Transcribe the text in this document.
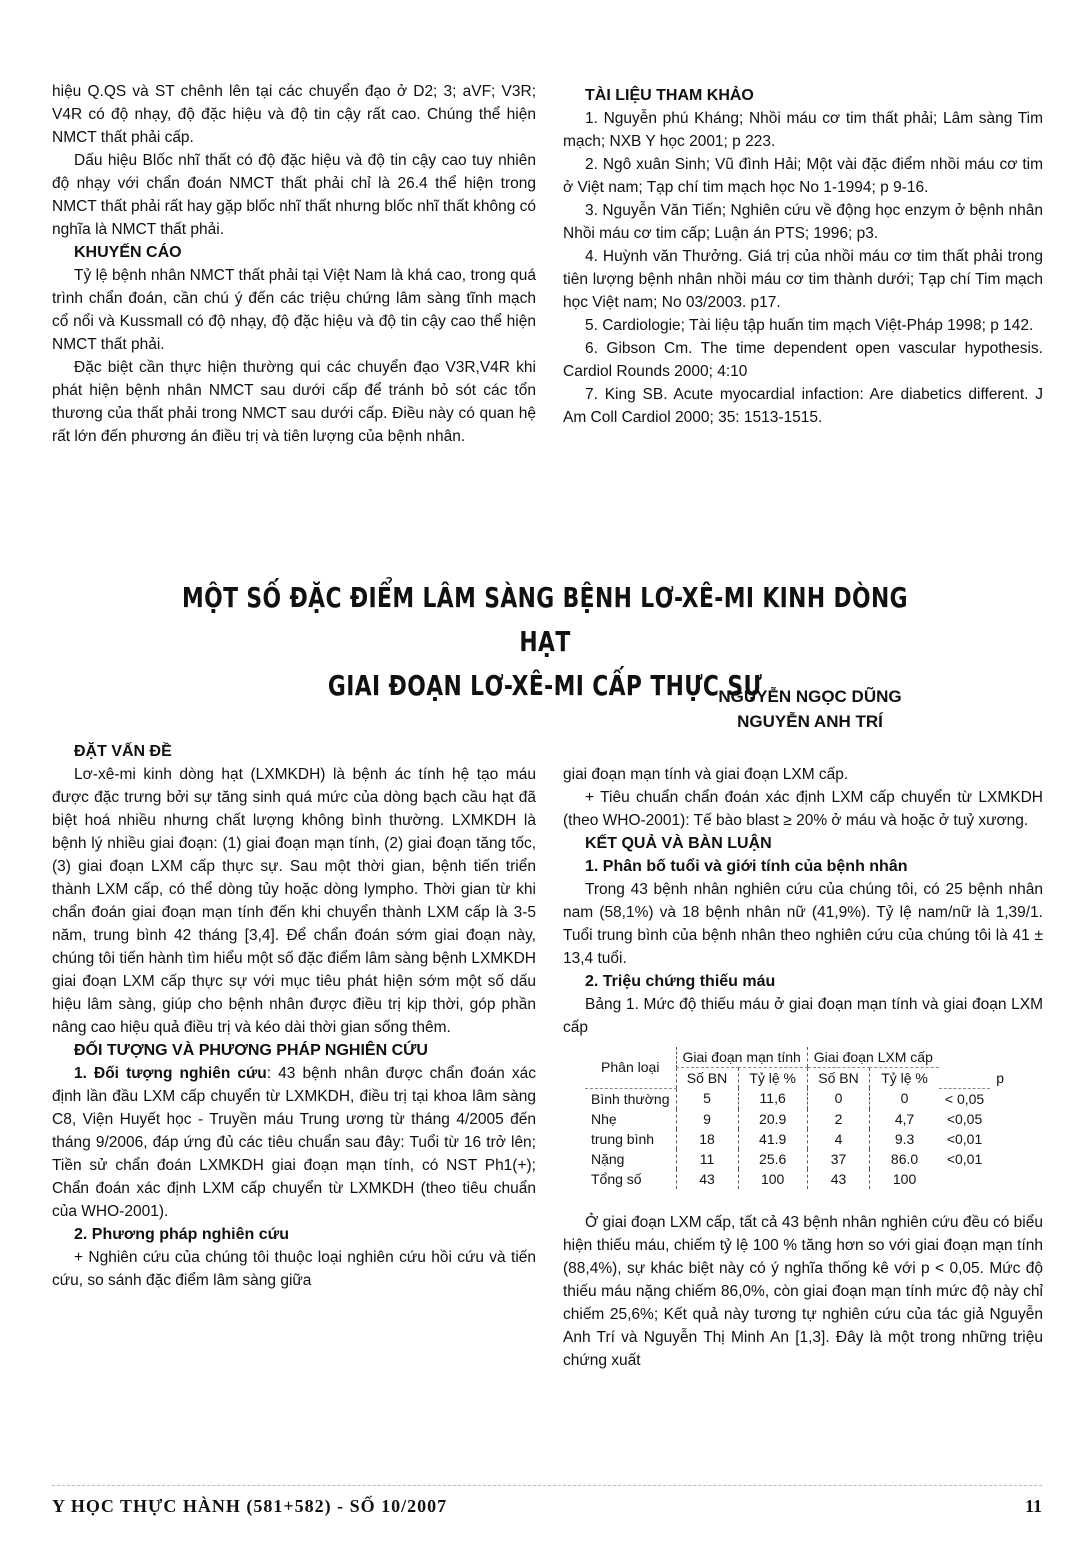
hiệu Q.QS và ST chênh lên tại các chuyển đạo ở D2; 3; aVF; V3R; V4R có độ nhạy, độ đặc hiệu và độ tin cậy rất cao. Chúng thể hiện NMCT thất phải cấp.

Dấu hiệu Blốc nhĩ thất có độ đặc hiệu và độ tin cậy cao tuy nhiên độ nhạy với chẩn đoán NMCT thất phải chỉ là 26.4 thể hiện trong NMCT thất phải rất hay gặp blốc nhĩ thất nhưng blốc nhĩ thất không có nghĩa là NMCT thất phải.

KHUYẾN CÁO

Tỷ lệ bệnh nhân NMCT thất phải tại Việt Nam là khá cao, trong quá trình chẩn đoán, cần chú ý đến các triệu chứng lâm sàng tĩnh mạch cổ nổi và Kussmall có độ nhạy, độ đặc hiệu và độ tin cậy cao thể hiện NMCT thất phải.

Đặc biệt cần thực hiện thường qui các chuyển đạo V3R,V4R khi phát hiện bệnh nhân NMCT sau dưới cấp để tránh bỏ sót các tổn thương của thất phải trong NMCT sau dưới cấp. Điều này có quan hệ rất lớn đến phương án điều trị và tiên lượng của bệnh nhân.

TÀI LIỆU THAM KHẢO

1. Nguyễn phú Kháng; Nhồi máu cơ tim thất phải; Lâm sàng Tim mạch; NXB Y học 2001; p 223.

2. Ngô xuân Sinh; Vũ đình Hải; Một vài đặc điểm nhồi máu cơ tim ở Việt nam; Tạp chí tim mạch học No 1-1994; p 9-16.

3. Nguyễn Văn Tiến; Nghiên cứu về động học enzym ở bệnh nhân Nhồi máu cơ tim cấp; Luận án PTS; 1996; p3.

4. Huỳnh văn Thưởng. Giá trị của nhồi máu cơ tim thất phải trong tiên lượng bệnh nhân nhồi máu cơ tim thành dưới; Tạp chí Tim mạch học Việt nam; No 03/2003. p17.

5. Cardiologie; Tài liệu tập huấn tim mạch Việt-Pháp 1998; p 142.

6. Gibson Cm. The time dependent open vascular hypothesis. Cardiol Rounds 2000; 4:10

7. King SB. Acute myocardial infaction: Are diabetics different. J Am Coll Cardiol 2000; 35: 1513-1515.

MỘT SỐ ĐẶC ĐIỂM LÂM SÀNG BỆNH LƠ-XÊ-MI KINH DÒNG HẠT
GIAI ĐOẠN LƠ-XÊ-MI CẤP THỰC SỰ
NGUYỄN NGỌC DŨNG
NGUYỄN ANH TRÍ
ĐẶT VẤN ĐỀ

Lơ-xê-mi kinh dòng hạt (LXMKDH) là bệnh ác tính hệ tạo máu được đặc trưng bởi sự tăng sinh quá mức của dòng bạch cầu hạt đã biệt hoá nhiều nhưng chất lượng không bình thường. LXMKDH là bệnh lý nhiều giai đoạn: (1) giai đoạn mạn tính, (2) giai đoạn tăng tốc, (3) giai đoạn LXM cấp thực sự. Sau một thời gian, bệnh tiến triển thành LXM cấp, có thể dòng tủy hoặc dòng lympho. Thời gian từ khi chẩn đoán giai đoạn mạn tính đến khi chuyển thành LXM cấp là 3-5 năm, trung bình 42 tháng [3,4]. Để chẩn đoán sớm giai đoạn này, chúng tôi tiến hành tìm hiểu một số đặc điểm lâm sàng bệnh LXMKDH giai đoạn LXM cấp thực sự với mục tiêu phát hiện sớm một số dấu hiệu lâm sàng, giúp cho bệnh nhân được điều trị kịp thời, góp phần nâng cao hiệu quả điều trị và kéo dài thời gian sống thêm.

ĐỐI TƯỢNG VÀ PHƯƠNG PHÁP NGHIÊN CỨU

1. Đối tượng nghiên cứu: 43 bệnh nhân được chẩn đoán xác định lần đầu LXM cấp chuyển từ LXMKDH, điều trị tại khoa lâm sàng C8, Viện Huyết học - Truyền máu Trung ương từ tháng 4/2005 đến tháng 9/2006, đáp ứng đủ các tiêu chuẩn sau đây: Tuổi từ 16 trở lên; Tiền sử chẩn đoán LXMKDH giai đoạn mạn tính, có NST Ph1(+); Chẩn đoán xác định LXM cấp chuyển từ LXMKDH (theo tiêu chuẩn của WHO-2001).

2. Phương pháp nghiên cứu

+ Nghiên cứu của chúng tôi thuộc loại nghiên cứu hồi cứu và tiến cứu, so sánh đặc điểm lâm sàng giữa

giai đoạn mạn tính và giai đoạn LXM cấp.

+ Tiêu chuẩn chẩn đoán xác định LXM cấp chuyển từ LXMKDH (theo WHO-2001): Tế bào blast ≥ 20% ở máu và hoặc ở tuỷ xương.

KẾT QUẢ VÀ BÀN LUẬN
1. Phân bố tuổi và giới tính của bệnh nhân

Trong 43 bệnh nhân nghiên cứu của chúng tôi, có 25 bệnh nhân nam (58,1%) và 18 bệnh nhân nữ (41,9%). Tỷ lệ nam/nữ là 1,39/1. Tuổi trung bình của bệnh nhân theo nghiên cứu của chúng tôi là 41 ± 13,4 tuổi.

2. Triệu chứng thiếu máu

Bảng 1. Mức độ thiếu máu ở giai đoạn mạn tính và giai đoạn LXM cấp

Phân loại	Giai đoạn mạn tính		Giai đoạn LXM cấp			
	Số BN	Tỷ lệ %	Số BN	Tỷ lệ %		p
Bình thường	5	11,6	0	0	< 0,05	
Nhẹ	9	20.9	2	4,7	<0,05	
trung bình	18	41.9	4	9.3	<0,01	
Nặng	11	25.6	37	86.0	<0,01	
Tổng số	43	100	43	100		

Ở giai đoạn LXM cấp, tất cả 43 bệnh nhân nghiên cứu đều có biểu hiện thiếu máu, chiếm tỷ lệ 100 % tăng hơn so với giai đoạn mạn tính (88,4%), sự khác biệt này có ý nghĩa thống kê với p < 0,05. Mức độ thiếu máu nặng chiếm 86,0%, còn giai đoạn mạn tính mức độ này chỉ chiếm 25,6%; Kết quả này tương tự nghiên cứu của tác giả Nguyễn Anh Trí và Nguyễn Thị Minh An [1,3]. Đây là một trong những triệu chứng xuất

Y HỌC THỰC HÀNH (581+582) - SỐ 10/2007	11
